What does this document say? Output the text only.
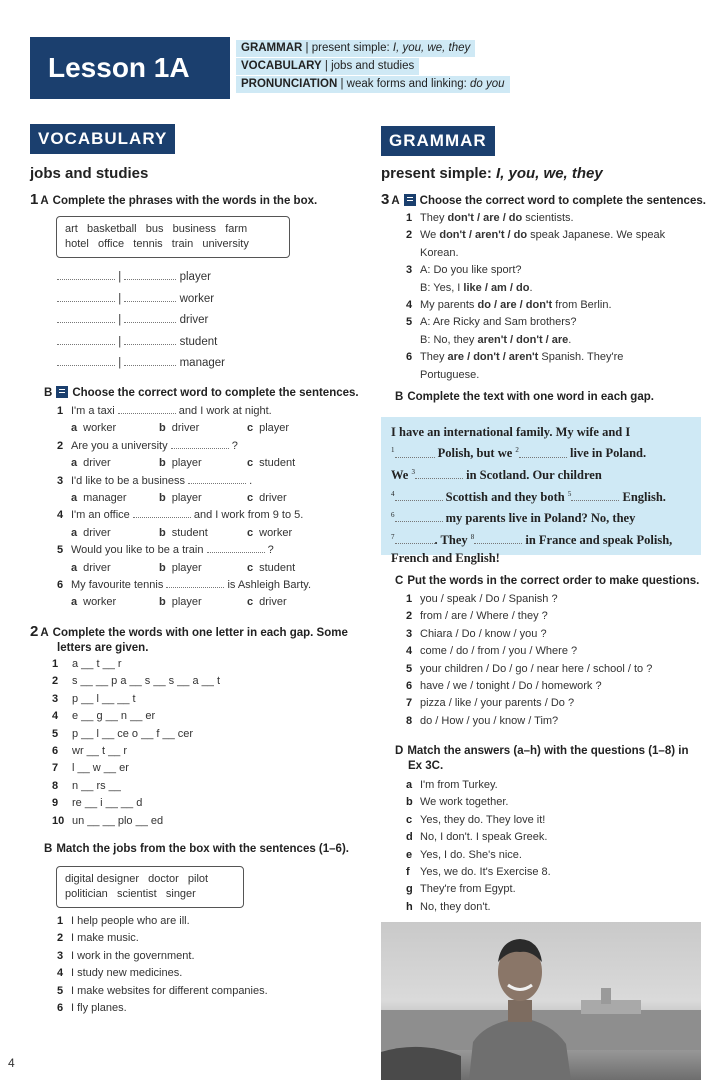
Lesson 1A
GRAMMAR | present simple: I, you, we, they
VOCABULARY | jobs and studies
PRONUNCIATION | weak forms and linking: do you
VOCABULARY
jobs and studies
1 A Complete the phrases with the words in the box.
art   basketball   bus   business   farm
hotel   office   tennis   train   university
|	player
|	worker
|	driver
|	student
|	manager
B Choose the correct word to complete the sentences.
1 I'm a taxi	and I work at night.
a worker	b driver	c player
2 Are you a university	?
a driver	b player	c student
3 I'd like to be a business	.
a manager	b player	c driver
4 I'm an office	and I work from 9 to 5.
a driver	b student	c worker
5 Would you like to be a train	?
a driver	b player	c student
6 My favourite tennis	is Ashleigh Barty.
a worker	b player	c driver
2 A Complete the words with one letter in each gap. Some
letters are given.
1 a __ t __ r
2 s __ __ p a __ s __ s __ a __ t
3 p __ l __ __ t
4 e __ g __ n __ er
5 p __ l __ ce o __ f __ cer
6 wr __ t __ r
7 l __ w __ er
8 n __ rs __
9 re __ i __ __ d
10 un __ __ plo __ ed
B Match the jobs from the box with the sentences (1–6).
digital designer   doctor   pilot
politician   scientist   singer
1 I help people who are ill.
2 I make music.
3 I work in the government.
4 I study new medicines.
5 I make websites for different companies.
6 I fly planes.
4
GRAMMAR
present simple: I, you, we, they
3 A Choose the correct word to complete the sentences.
1 They don't / are / do scientists.
2 We don't / aren't / do speak Japanese. We speak
Korean.
3 A: Do you like sport?
B: Yes, I like / am / do.
4 My parents do / are / don't from Berlin.
5 A: Are Ricky and Sam brothers?
B: No, they aren't / don't / are.
6 They are / don't / aren't Spanish. They're
Portuguese.
B Complete the text with one word in each gap.
I have an international family. My wife and I
$^1$	Polish, but we $^2$	live in Poland.
We $^3$	in Scotland. Our children
$^4$	Scottish and they both $^5$	English.
$^6$	my parents live in Poland? No, they
$^7$	. They $^8$	in France and speak Polish,
French and English!
C Put the words in the correct order to make questions.
1 you / speak / Do / Spanish ?
2 from / are / Where / they ?
3 Chiara / Do / know / you ?
4 come / do / from / you / Where ?
5 your children / Do / go / near here / school / to ?
6 have / we / tonight / Do / homework ?
7 pizza / like / your parents / Do ?
8 do / How / you / know / Tim?
D Match the answers (a–h) with the questions (1–8) in
Ex 3C.
a I'm from Turkey.
b We work together.
c Yes, they do. They love it!
d No, I don't. I speak Greek.
e Yes, I do. She's nice.
f Yes, we do. It's Exercise 8.
g They're from Egypt.
h No, they don't.
